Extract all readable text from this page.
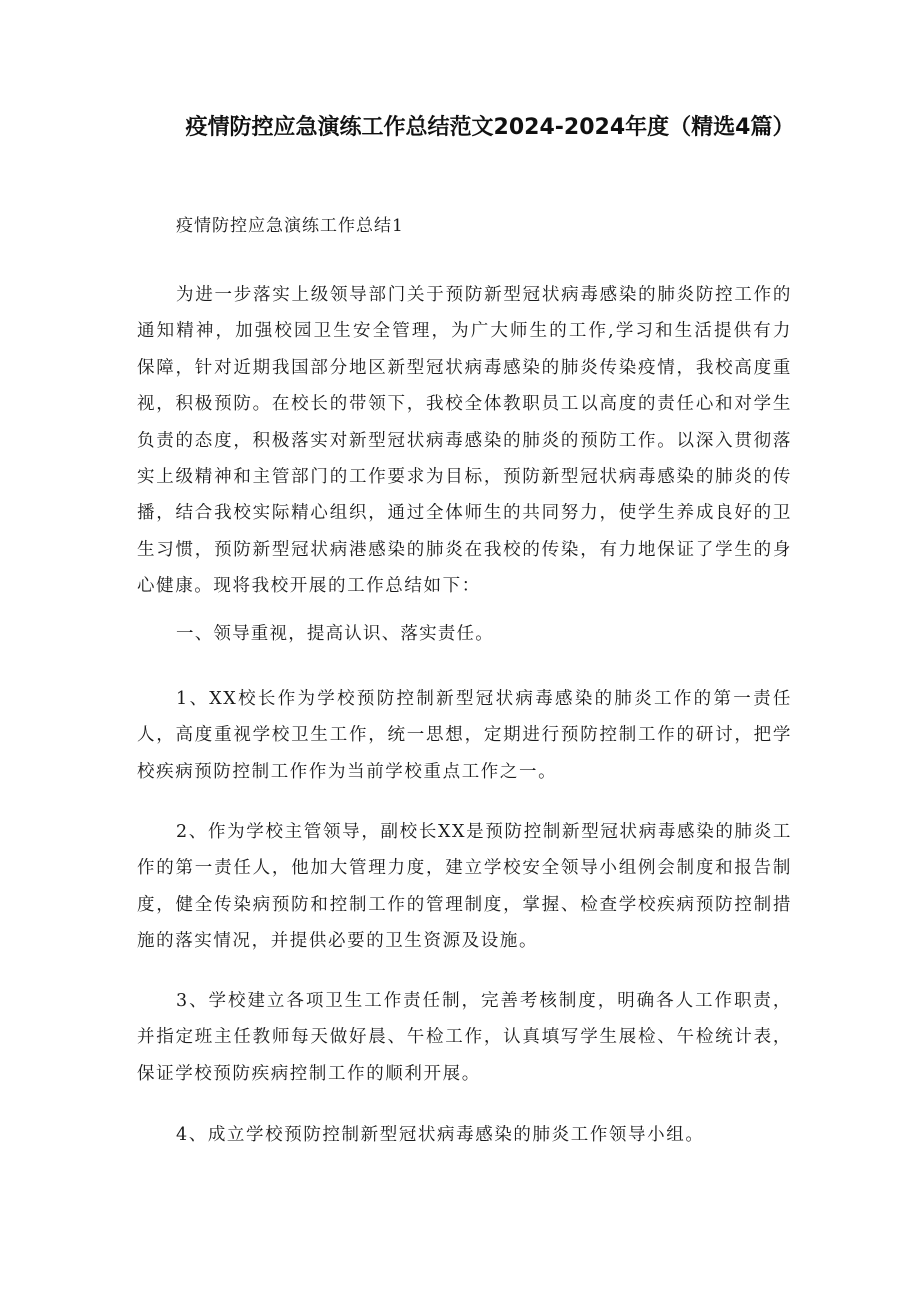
疫情防控应急演练工作总结范文2024-2024年度（精选4篇）
疫情防控应急演练工作总结1

为进一步落实上级领导部门关于预防新型冠状病毒感染的肺炎防控工作的通知精神，加强校园卫生安全管理，为广大师生的工作,学习和生活提供有力保障，针对近期我国部分地区新型冠状病毒感染的肺炎传染疫情，我校高度重视，积极预防。在校长的带领下，我校全体教职员工以高度的责任心和对学生负责的态度，积极落实对新型冠状病毒感染的肺炎的预防工作。以深入贯彻落实上级精神和主管部门的工作要求为目标，预防新型冠状病毒感染的肺炎的传播，结合我校实际精心组织，通过全体师生的共同努力，使学生养成良好的卫生习惯，预防新型冠状病港感染的肺炎在我校的传染，有力地保证了学生的身心健康。现将我校开展的工作总结如下：

一、领导重视，提高认识、落实责任。

1、XX校长作为学校预防控制新型冠状病毒感染的肺炎工作的第一责任人，高度重视学校卫生工作，统一思想，定期进行预防控制工作的研讨，把学校疾病预防控制工作作为当前学校重点工作之一。

2、作为学校主管领导，副校长XX是预防控制新型冠状病毒感染的肺炎工作的第一责任人，他加大管理力度，建立学校安全领导小组例会制度和报告制度，健全传染病预防和控制工作的管理制度，掌握、检查学校疾病预防控制措施的落实情况，并提供必要的卫生资源及设施。

3、学校建立各项卫生工作责任制，完善考核制度，明确各人工作职责，并指定班主任教师每天做好晨、午检工作，认真填写学生展检、午检统计表，保证学校预防疾病控制工作的顺利开展。

4、成立学校预防控制新型冠状病毒感染的肺炎工作领导小组。
